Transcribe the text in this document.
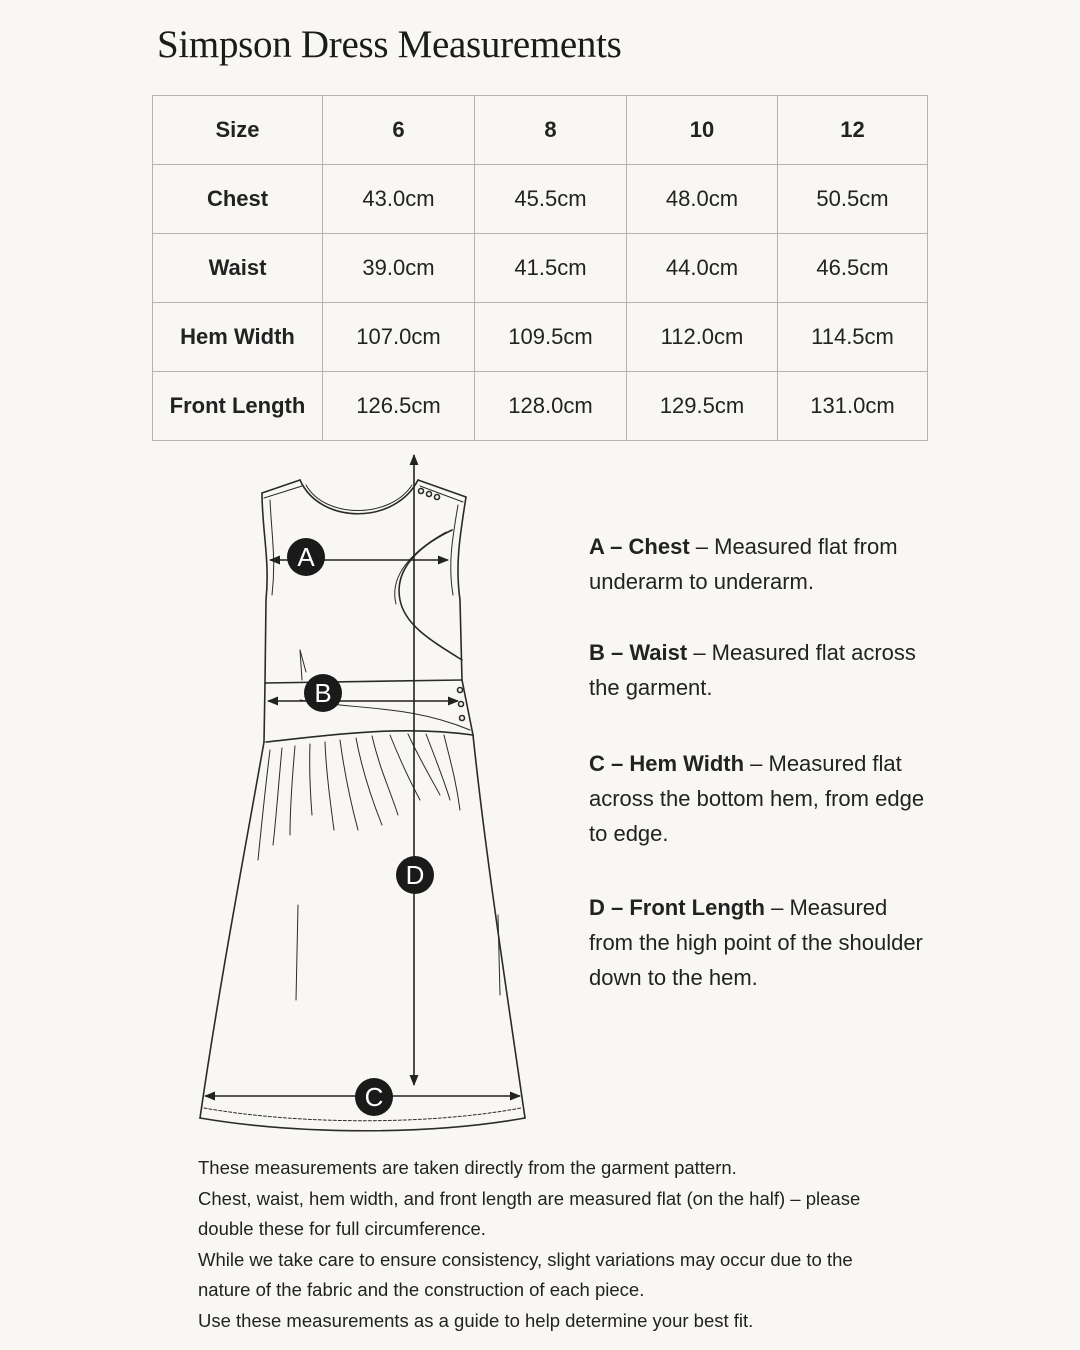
Simpson Dress Measurements
Size	6	8	10	12
Chest	43.0cm	45.5cm	48.0cm	50.5cm
Waist	39.0cm	41.5cm	44.0cm	46.5cm
Hem Width	107.0cm	109.5cm	112.0cm	114.5cm
Front Length	126.5cm	128.0cm	129.5cm	131.0cm
A
B
C
D

A – Chest – Measured flat from underarm to underarm.

B – Waist – Measured flat across the garment.

C – Hem Width – Measured flat across the bottom hem, from edge to edge.

D – Front Length – Measured from the high point of the shoulder down to the hem.

These measurements are taken directly from the garment pattern.

Chest, waist, hem width, and front length are measured flat (on the half) – please double these for full circumference.

While we take care to ensure consistency, slight variations may occur due to the nature of the fabric and the construction of each piece.

Use these measurements as a guide to help determine your best fit.
